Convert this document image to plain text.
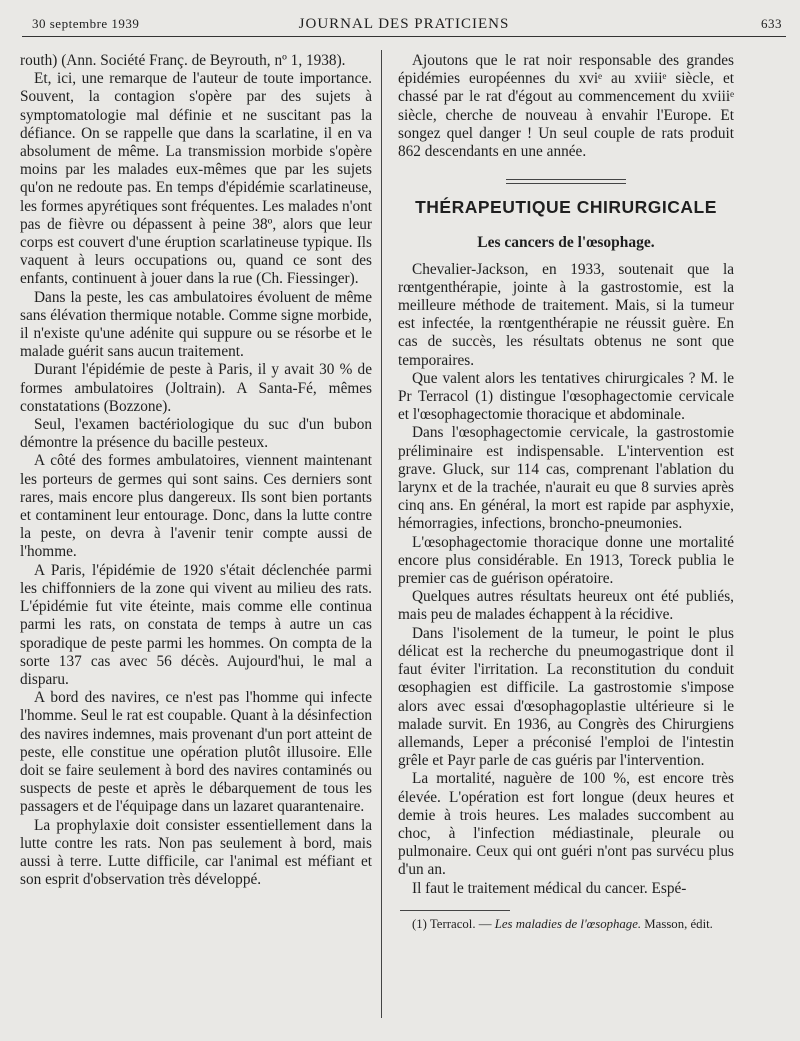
30 septembre 1939	JOURNAL DES PRATICIENS	633

routh) (Ann. Société Franç. de Beyrouth, nº 1, 1938).

Et, ici, une remarque de l'auteur de toute importance. Souvent, la contagion s'opère par des sujets à symptomatologie mal définie et ne suscitant pas la défiance. On se rappelle que dans la scarlatine, il en va absolument de même. La transmission morbide s'opère moins par les malades eux-mêmes que par les sujets qu'on ne redoute pas. En temps d'épidémie scarlatineuse, les formes apyrétiques sont fréquentes. Les malades n'ont pas de fièvre ou dépassent à peine 38º, alors que leur corps est couvert d'une éruption scarlatineuse typique. Ils vaquent à leurs occupations ou, quand ce sont des enfants, continuent à jouer dans la rue (Ch. Fiessinger).

Dans la peste, les cas ambulatoires évoluent de même sans élévation thermique notable. Comme signe morbide, il n'existe qu'une adénite qui suppure ou se résorbe et le malade guérit sans aucun traitement.

Durant l'épidémie de peste à Paris, il y avait 30 % de formes ambulatoires (Joltrain). A Santa-Fé, mêmes constatations (Bozzone).

Seul, l'examen bactériologique du suc d'un bubon démontre la présence du bacille pesteux.

A côté des formes ambulatoires, viennent maintenant les porteurs de germes qui sont sains. Ces derniers sont rares, mais encore plus dangereux. Ils sont bien portants et contaminent leur entourage. Donc, dans la lutte contre la peste, on devra à l'avenir tenir compte aussi de l'homme.

A Paris, l'épidémie de 1920 s'était déclenchée parmi les chiffonniers de la zone qui vivent au milieu des rats. L'épidémie fut vite éteinte, mais comme elle continua parmi les rats, on constata de temps à autre un cas sporadique de peste parmi les hommes. On compta de la sorte 137 cas avec 56 décès. Aujourd'hui, le mal a disparu.

A bord des navires, ce n'est pas l'homme qui infecte l'homme. Seul le rat est coupable. Quant à la désinfection des navires indemnes, mais provenant d'un port atteint de peste, elle constitue une opération plutôt illusoire. Elle doit se faire seulement à bord des navires contaminés ou suspects de peste et après le débarquement de tous les passagers et de l'équipage dans un lazaret quarantenaire.

La prophylaxie doit consister essentiellement dans la lutte contre les rats. Non pas seulement à bord, mais aussi à terre. Lutte difficile, car l'animal est méfiant et son esprit d'observation très développé.

Ajoutons que le rat noir responsable des grandes épidémies européennes du xviᵉ au xviiiᵉ siècle, et chassé par le rat d'égout au commencement du xviiiᵉ siècle, cherche de nouveau à envahir l'Europe. Et songez quel danger ! Un seul couple de rats produit 862 descendants en une année.

THÉRAPEUTIQUE CHIRURGICALE
Les cancers de l'œsophage.

Chevalier-Jackson, en 1933, soutenait que la rœntgenthérapie, jointe à la gastrostomie, est la meilleure méthode de traitement. Mais, si la tumeur est infectée, la rœntgenthérapie ne réussit guère. En cas de succès, les résultats obtenus ne sont que temporaires.

Que valent alors les tentatives chirurgicales ? M. le Pr Terracol (1) distingue l'œsophagectomie cervicale et l'œsophagectomie thoracique et abdominale.

Dans l'œsophagectomie cervicale, la gastrostomie préliminaire est indispensable. L'intervention est grave. Gluck, sur 114 cas, comprenant l'ablation du larynx et de la trachée, n'aurait eu que 8 survies après cinq ans. En général, la mort est rapide par asphyxie, hémorragies, infections, broncho-pneumonies.

L'œsophagectomie thoracique donne une mortalité encore plus considérable. En 1913, Toreck publia le premier cas de guérison opératoire.

Quelques autres résultats heureux ont été publiés, mais peu de malades échappent à la récidive.

Dans l'isolement de la tumeur, le point le plus délicat est la recherche du pneumogastrique dont il faut éviter l'irritation. La reconstitution du conduit œsophagien est difficile. La gastrostomie s'impose alors avec essai d'œsophagoplastie ultérieure si le malade survit. En 1936, au Congrès des Chirurgiens allemands, Leper a préconisé l'emploi de l'intestin grêle et Payr parle de cas guéris par l'intervention.

La mortalité, naguère de 100 %, est encore très élevée. L'opération est fort longue (deux heures et demie à trois heures. Les malades succombent au choc, à l'infection médiastinale, pleurale ou pulmonaire. Ceux qui ont guéri n'ont pas survécu plus d'un an.

Il faut le traitement médical du cancer. Espé-

(1) Terracol. — Les maladies de l'œsophage. Masson, édit.
